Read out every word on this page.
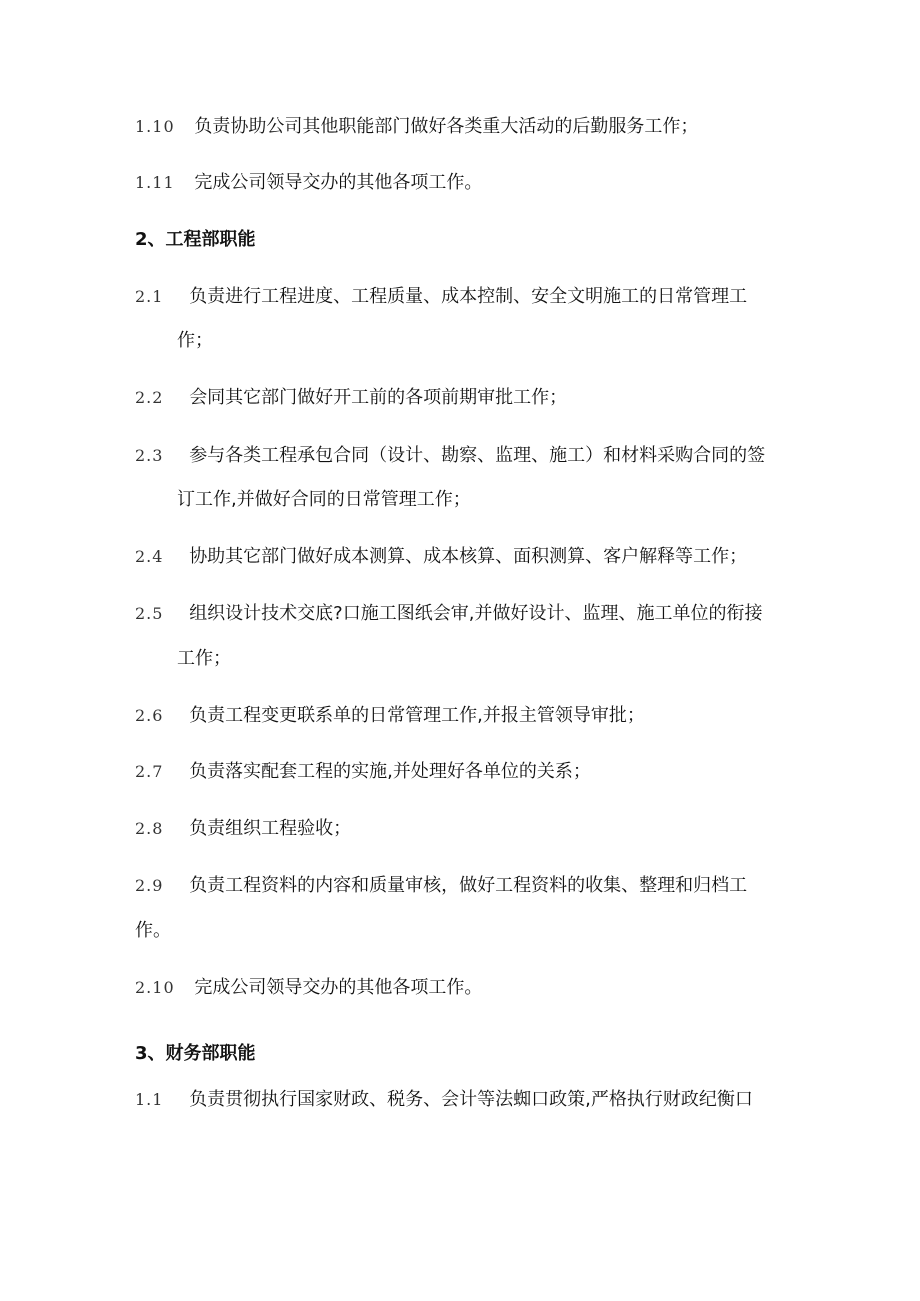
1.10 负责协助公司其他职能部门做好各类重大活动的后勤服务工作；
1.11 完成公司领导交办的其他各项工作。
2、工程部职能
2.1 负责进行工程进度、工程质量、成本控制、安全文明施工的日常管理工
作；
2.2 会同其它部门做好开工前的各项前期审批工作；
2.3 参与各类工程承包合同（设计、勘察、监理、施工）和材料采购合同的签
订工作,并做好合同的日常管理工作；
2.4 协助其它部门做好成本测算、成本核算、面积测算、客户解释等工作；
2.5 组织设计技术交底?口施工图纸会审,并做好设计、监理、施工单位的衔接
工作；
2.6 负责工程变更联系单的日常管理工作,并报主管领导审批；
2.7 负责落实配套工程的实施,并处理好各单位的关系；
2.8 负责组织工程验收；
2.9 负责工程资料的内容和质量审核，做好工程资料的收集、整理和归档工
作。
2.10 完成公司领导交办的其他各项工作。
3、财务部职能
1.1 负责贯彻执行国家财政、税务、会计等法蜘口政策,严格执行财政纪衡口
